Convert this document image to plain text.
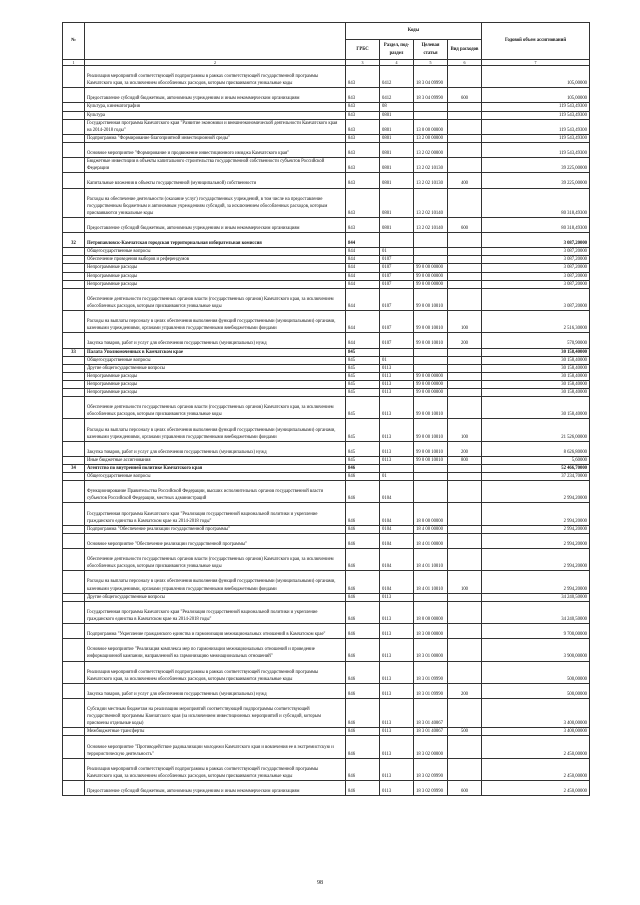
№		Коды				Годовой объем ассигнований
		ГРБС	Раздел, под-раздел	Целевая статья	Вид расходов	
1	2	3	4	5	6	7
	Реализация мероприятий соответствующей подпрограммы в рамках соответствующей государственной программы Камчатского края, за исключением обособленных расходов, которым присваиваются уникальные коды	843	0412	18 3 04 09990		105,00000
	Предоставление субсидий бюджетным, автономным учреждениям и иным некоммерческим организациям	843	0412	18 3 04 09990	600	105,00000
	Культура, кинематография	843	08			119 543,49300
	Культура	843	0801			119 543,49300
	Государственная программа Камчатского края "Развитие экономики и внешнеэкономической деятельности Камчатского края на 2014-2018 годы"	843	0801	13 0 00 00000		119 543,49300
	Подпрограмма "Формирование благоприятной инвестиционной среды"	843	0801	13 2 00 00000		119 543,49300
	Основное мероприятие "Формирование и продвижение инвестиционного имиджа Камчатского края"	843	0801	13 2 02 00000		119 543,49300
	Бюджетные инвестиции в объекты капитального строительства государственной собственности субъектов Российской Федерации	843	0801	13 2 02 10130		39 225,00000
	Капитальные вложения в объекты государственной (муниципальной) собственности	843	0801	13 2 02 10130	400	39 225,00000
	Расходы на обеспечение деятельности (оказание услуг) государственных учреждений, в том числе на предоставление государственным бюджетным и автономным учреждениям субсидий, за исключением обособленных расходов, которым присваиваются уникальные коды	843	0801	13 2 02 10140		80 318,49300
	Предоставление субсидий бюджетным, автономным учреждениям и иным некоммерческим организациям	843	0801	13 2 02 10140	600	80 318,49300
32	Петропавловск-Камчатская городская территориальная избирательная комиссия	844				3 087,20000
	Общегосударственные вопросы	844	01			3 087,20000
	Обеспечение проведения выборов и референдумов	844	0107			3 087,20000
	Непрограммные расходы	844	0107	99 0 00 00000		3 087,20000
	Непрограммные расходы	844	0107	99 0 00 00000		3 087,20000
	Непрограммные расходы	844	0107	99 0 00 00000		3 087,20000
	Обеспечение деятельности государственных органов власти (государственных органов) Камчатского края, за исключением обособленных расходов, которым присваиваются уникальные коды	844	0107	99 0 00 10010		3 087,20000
	Расходы на выплаты персоналу в целях обеспечения выполнения функций государственными (муниципальными) органами, казенными учреждениями, органами управления государственными внебюджетными фондами	844	0107	99 0 00 10010	100	2 516,30000
	Закупка товаров, работ и услуг для обеспечения государственных (муниципальных) нужд	844	0107	99 0 00 10010	200	570,90000
33	Палата Уполномоченных в Камчатском крае	845				30 158,40000
	Общегосударственные вопросы	845	01			30 158,40000
	Другие общегосударственные вопросы	845	0113			30 158,40000
	Непрограммные расходы	845	0113	99 0 00 00000		30 158,40000
	Непрограммные расходы	845	0113	99 0 00 00000		30 158,40000
	Непрограммные расходы	845	0113	99 0 00 00000		30 158,40000
	Обеспечение деятельности государственных органов власти (государственных органов) Камчатского края, за исключением обособленных расходов, которым присваиваются уникальные коды	845	0113	99 0 00 10010		30 158,40000
	Расходы на выплаты персоналу в целях обеспечения выполнения функций государственными (муниципальными) органами, казенными учреждениями, органами управления государственными внебюджетными фондами	845	0113	99 0 00 10010	100	21 526,00000
	Закупка товаров, работ и услуг для обеспечения государственных (муниципальных) нужд	845	0113	99 0 00 10010	200	8 626,80000
	Иные бюджетные ассигнования	845	0113	99 0 00 10010	800	5,60000
34	Агентство по внутренней политике Камчатского края	846				52 466,70000
	Общегосударственные вопросы	846	01			37 234,70000
	Функционирование Правительства Российской Федерации, высших исполнительных органов государственной власти субъектов Российской Федерации, местных администраций	846	0104			2 994,20000
	Государственная программа Камчатского края "Реализация государственной национальной политики и укрепление гражданского единства в Камчатском крае на 2014-2018 годы"	846	0104	18 0 00 00000		2 994,20000
	Подпрограмма "Обеспечение реализации государственной программы"	846	0104	18 4 00 00000		2 994,20000
	Основное мероприятие "Обеспечение реализации государственной программы"	846	0104	18 4 01 00000		2 994,20000
	Обеспечение деятельности государственных органов власти (государственных органов) Камчатского края, за исключением обособленных расходов, которым присваиваются уникальные коды	846	0104	18 4 01 10010		2 994,20000
	Расходы на выплаты персоналу в целях обеспечения выполнения функций государственными (муниципальными) органами, казенными учреждениями, органами управления государственными внебюджетными фондами	846	0104	18 4 01 10010	100	2 994,20000
	Другие общегосударственные вопросы	846	0113			34 240,50000
	Государственная программа Камчатского края "Реализация государственной национальной политики и укрепление гражданского единства в Камчатском крае на 2014-2018 годы"	846	0113	18 0 00 00000		34 240,50000
	Подпрограмма "Укрепление гражданского единства и гармонизация межнациональных отношений в Камчатском крае"	846	0113	18 3 00 00000		9 700,00000
	Основное мероприятие "Реализация комплекса мер по гармонизации межнациональных отношений и проведение информационной кампании, направленной на гармонизацию межнациональных отношений"	846	0113	18 3 01 00000		3 900,00000
	Реализация мероприятий соответствующей подпрограммы в рамках соответствующей государственной программы Камчатского края, за исключением обособленных расходов, которым присваиваются уникальные коды	846	0113	18 3 01 09990		500,00000
	Закупка товаров, работ и услуг для обеспечения государственных (муниципальных) нужд	846	0113	18 3 01 09990	200	500,00000
	Субсидии местным бюджетам на реализацию мероприятий соответствующей подпрограммы соответствующей государственной программы Камчатского края (за исключением инвестиционных мероприятий и субсидий, которым присвоены отдельные коды)	846	0113	18 3 01 40067		3 400,00000
	Межбюджетные трансферты	846	0113	18 3 01 40067	500	3 400,00000
	Основное мероприятие "Противодействие радикализации молодежи Камчатского края и вовлечения ее в экстремистскую и террористическую деятельность"	846	0113	18 3 02 00000		2 450,00000
	Реализация мероприятий соответствующей подпрограммы в рамках соответствующей государственной программы Камчатского края, за исключением обособленных расходов, которым присваиваются уникальные коды	846	0113	18 3 02 09990		2 450,00000
	Предоставление субсидий бюджетным, автономным учреждениям и иным некоммерческим организациям	846	0113	18 3 02 09990	600	2 450,00000
98
